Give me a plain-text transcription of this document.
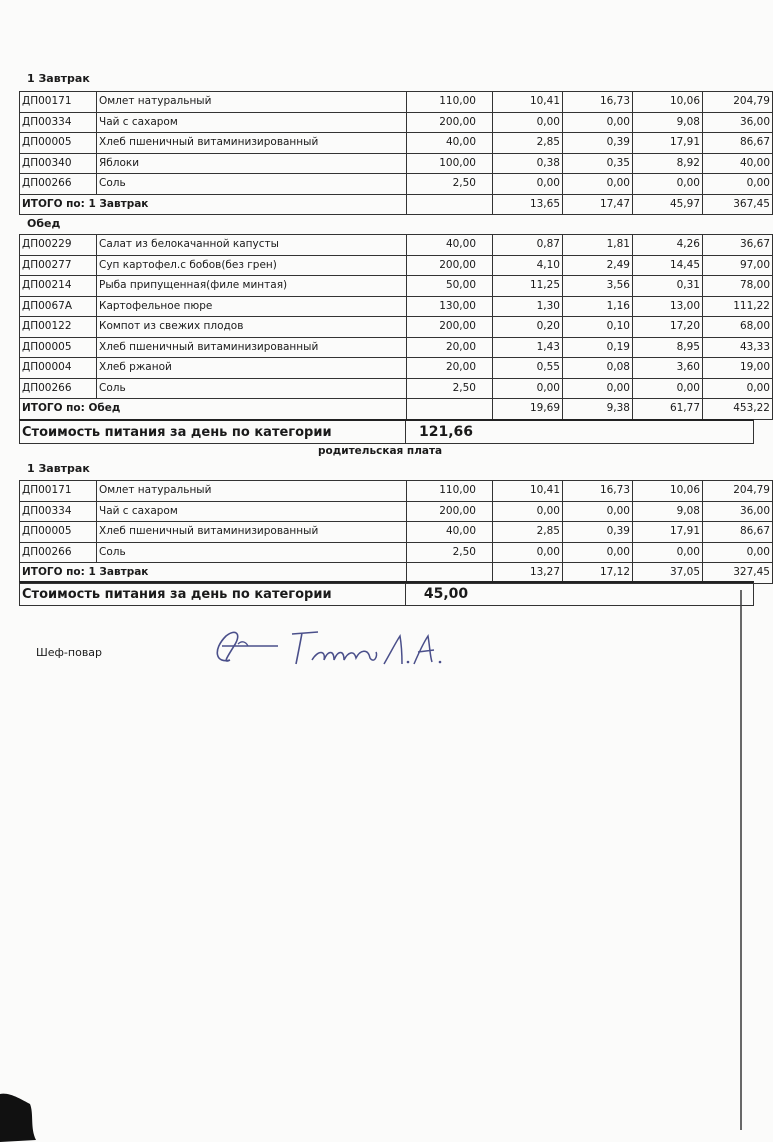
1 Завтрак
ДП00171	Омлет натуральный	110,00	10,41	16,73	10,06	204,79
ДП00334	Чай с сахаром	200,00	0,00	0,00	9,08	36,00
ДП00005	Хлеб пшеничный витаминизированный	40,00	2,85	0,39	17,91	86,67
ДП00340	Яблоки	100,00	0,38	0,35	8,92	40,00
ДП00266	Соль	2,50	0,00	0,00	0,00	0,00
ИТОГО по: 1 Завтрак			13,65	17,47	45,97	367,45
Обед
ДП00229	Салат из белокачанной капусты	40,00	0,87	1,81	4,26	36,67
ДП00277	Суп картофел.с бобов(без грен)	200,00	4,10	2,49	14,45	97,00
ДП00214	Рыба припущенная(филе минтая)	50,00	11,25	3,56	0,31	78,00
ДП0067А	Картофельное пюре	130,00	1,30	1,16	13,00	111,22
ДП00122	Компот из свежих плодов	200,00	0,20	0,10	17,20	68,00
ДП00005	Хлеб пшеничный витаминизированный	20,00	1,43	0,19	8,95	43,33
ДП00004	Хлеб ржаной	20,00	0,55	0,08	3,60	19,00
ДП00266	Соль	2,50	0,00	0,00	0,00	0,00
ИТОГО по: Обед			19,69	9,38	61,77	453,22
Стоимость питания за день по категории	121,66
родительская плата
1 Завтрак
ДП00171	Омлет натуральный	110,00	10,41	16,73	10,06	204,79
ДП00334	Чай с сахаром	200,00	0,00	0,00	9,08	36,00
ДП00005	Хлеб пшеничный витаминизированный	40,00	2,85	0,39	17,91	86,67
ДП00266	Соль	2,50	0,00	0,00	0,00	0,00
ИТОГО по: 1 Завтрак			13,27	17,12	37,05	327,45
Стоимость питания за день по категории	45,00
Шеф-повар
